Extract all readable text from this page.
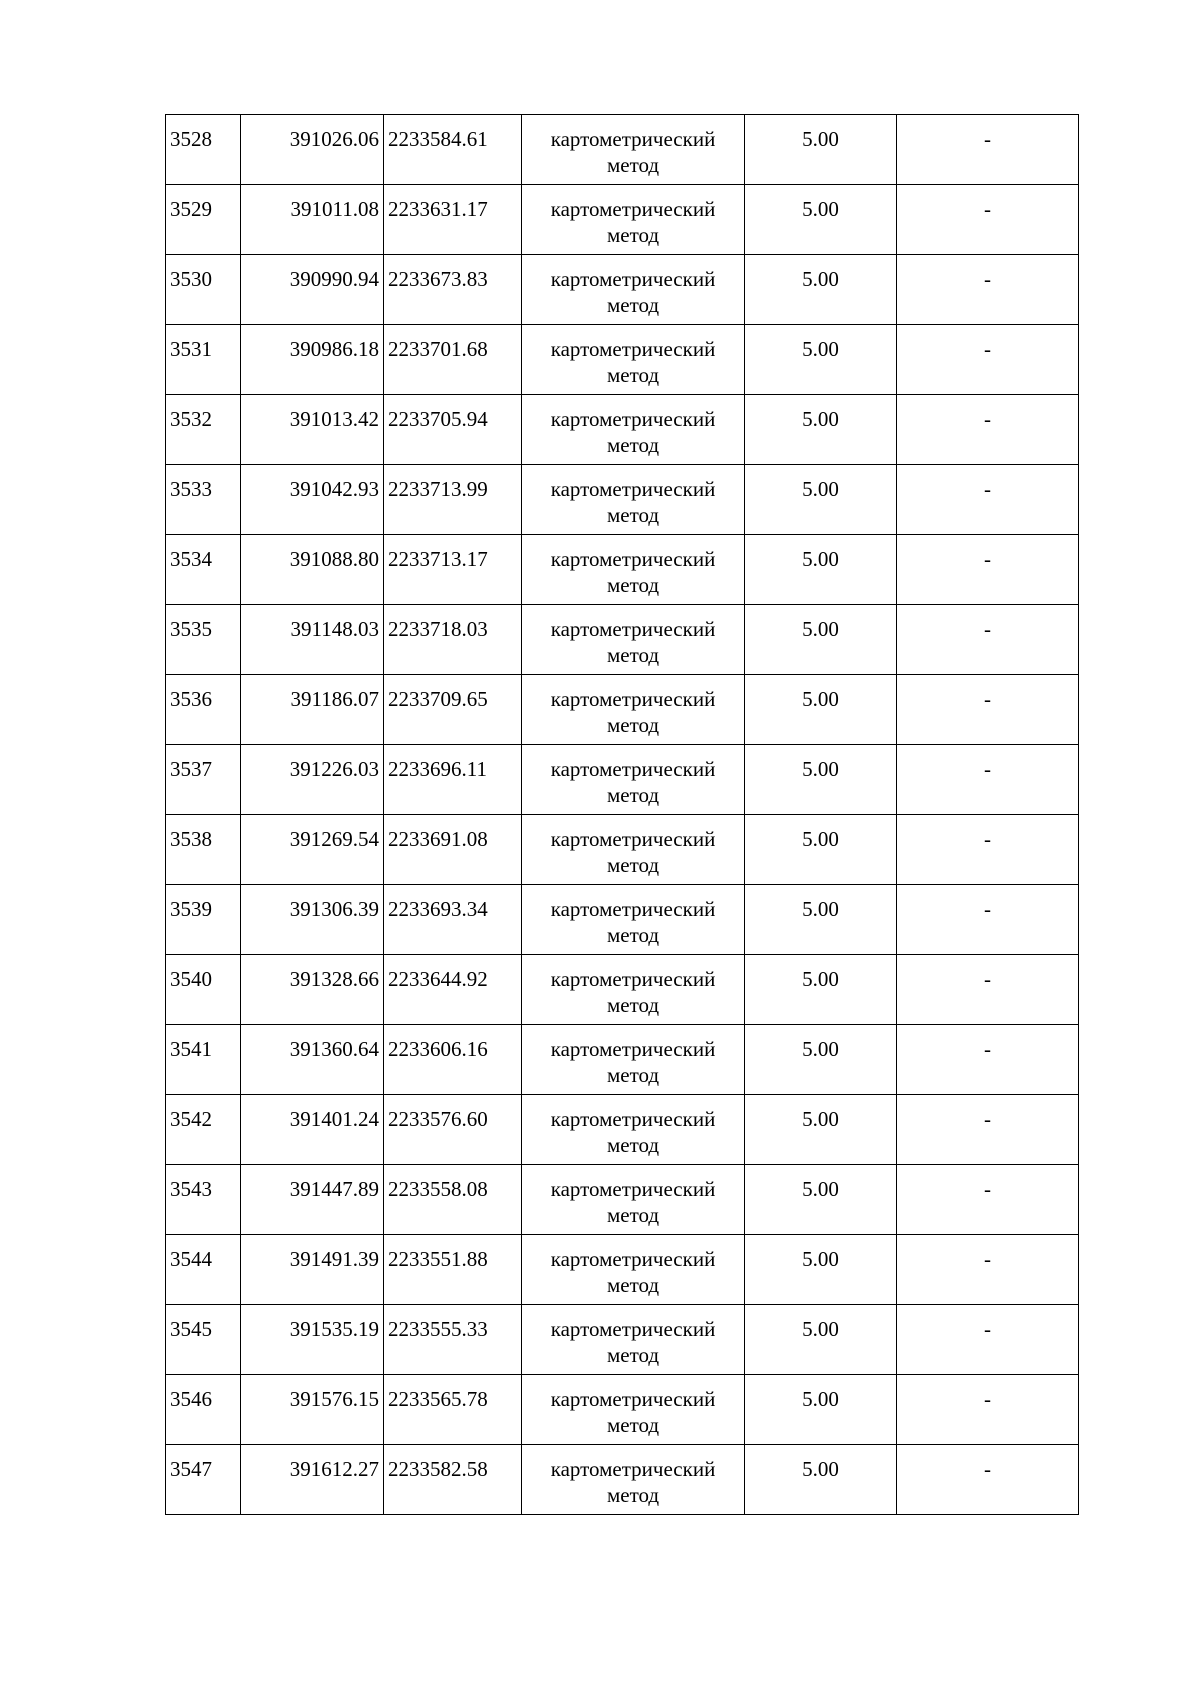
3528	391026.06	2233584.61	картометрический метод	5.00	-
3529	391011.08	2233631.17	картометрический метод	5.00	-
3530	390990.94	2233673.83	картометрический метод	5.00	-
3531	390986.18	2233701.68	картометрический метод	5.00	-
3532	391013.42	2233705.94	картометрический метод	5.00	-
3533	391042.93	2233713.99	картометрический метод	5.00	-
3534	391088.80	2233713.17	картометрический метод	5.00	-
3535	391148.03	2233718.03	картометрический метод	5.00	-
3536	391186.07	2233709.65	картометрический метод	5.00	-
3537	391226.03	2233696.11	картометрический метод	5.00	-
3538	391269.54	2233691.08	картометрический метод	5.00	-
3539	391306.39	2233693.34	картометрический метод	5.00	-
3540	391328.66	2233644.92	картометрический метод	5.00	-
3541	391360.64	2233606.16	картометрический метод	5.00	-
3542	391401.24	2233576.60	картометрический метод	5.00	-
3543	391447.89	2233558.08	картометрический метод	5.00	-
3544	391491.39	2233551.88	картометрический метод	5.00	-
3545	391535.19	2233555.33	картометрический метод	5.00	-
3546	391576.15	2233565.78	картометрический метод	5.00	-
3547	391612.27	2233582.58	картометрический метод	5.00	-
